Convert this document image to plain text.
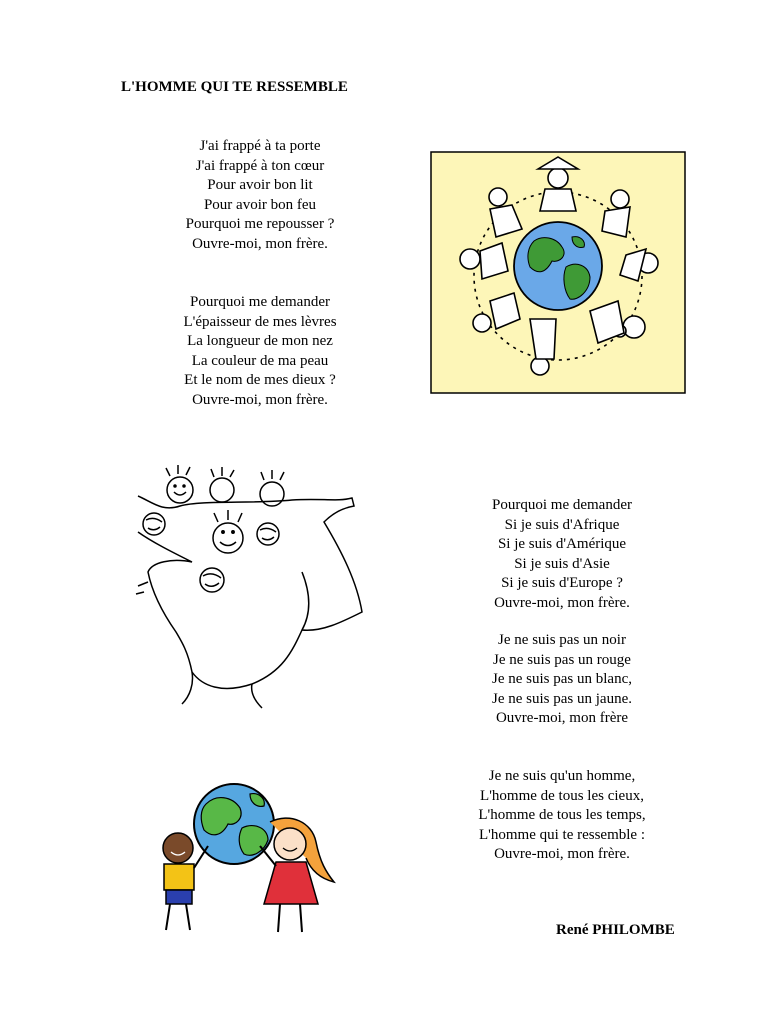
L'HOMME QUI TE RESSEMBLE
J'ai frappé à ta porte
J'ai frappé à ton cœur
Pour avoir bon lit
Pour avoir bon feu
Pourquoi me repousser ?
Ouvre-moi, mon frère.
Pourquoi me demander
L'épaisseur de mes lèvres
La longueur de mon nez
La couleur de ma peau
Et le nom de mes dieux ?
Ouvre-moi, mon frère.
Pourquoi me demander
Si je suis d'Afrique
Si je suis d'Amérique
Si je suis d'Asie
Si je suis d'Europe ?
Ouvre-moi, mon frère.
Je ne suis pas un noir
Je ne suis pas un rouge
Je ne suis pas un blanc,
Je ne suis pas un jaune.
Ouvre-moi, mon frère
Je ne suis qu'un homme,
L'homme de tous les cieux,
L'homme de tous les temps,
L'homme qui te ressemble :
Ouvre-moi, mon frère.
René PHILOMBE
